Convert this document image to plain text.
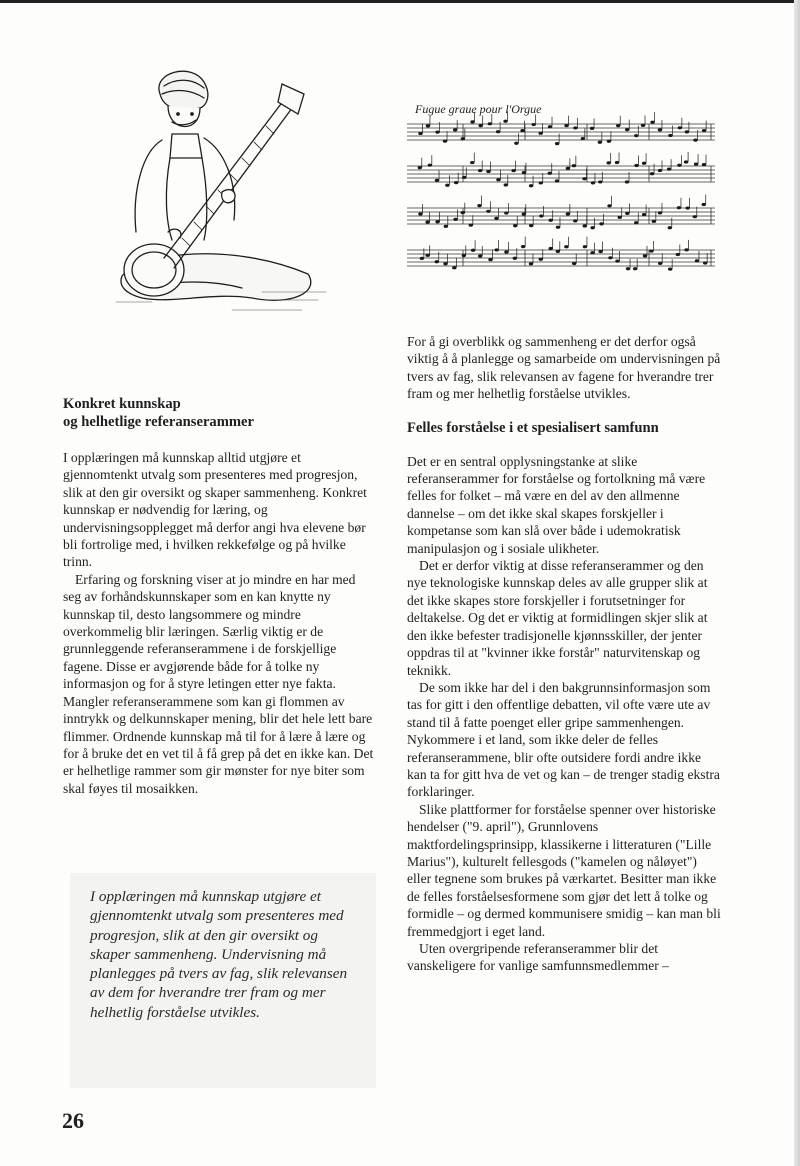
Fugue graue pour l'Orgue
Konkret kunnskap
og helhetlige referanserammer

I opplæringen må kunnskap alltid utgjøre et gjennomtenkt utvalg som presenteres med progresjon, slik at den gir oversikt og skaper sammenheng. Konkret kunnskap er nødvendig for læring, og undervisningsopplegget må derfor angi hva elevene bør bli fortrolige med, i hvilken rekkefølge og på hvilke trinn.

Erfaring og forskning viser at jo mindre en har med seg av forhåndskunnskaper som en kan knytte ny kunnskap til, desto langsommere og mindre overkommelig blir læringen. Særlig viktig er de grunnleggende referanserammene i de forskjellige fagene. Disse er avgjørende både for å tolke ny informasjon og for å styre letingen etter nye fakta. Mangler referanserammene som kan gi flommen av inntrykk og delkunnskaper mening, blir det hele lett bare flimmer. Ordnende kunnskap må til for å lære å lære og for å bruke det en vet til å få grep på det en ikke kan. Det er helhetlige rammer som gir mønster for nye biter som skal føyes til mosaikken.

I opplæringen må kunnskap utgjøre et gjennomtenkt utvalg som presenteres med progresjon, slik at den gir oversikt og skaper sammenheng. Undervisning må planlegges på tvers av fag, slik relevansen av dem for hverandre trer fram og mer helhetlig forståelse utvikles.

For å gi overblikk og sammenheng er det derfor også viktig å å planlegge og samarbeide om undervisningen på tvers av fag, slik relevansen av fagene for hverandre trer fram og mer helhetlig forståelse utvikles.

Felles forståelse i et spesialisert samfunn

Det er en sentral opplysningstanke at slike referanserammer for forståelse og fortolkning må være felles for folket – må være en del av den allmenne dannelse – om det ikke skal skapes forskjeller i kompetanse som kan slå over både i udemokratisk manipulasjon og i sosiale ulikheter.

Det er derfor viktig at disse referanserammer og den nye teknologiske kunnskap deles av alle grupper slik at det ikke skapes store forskjeller i forutsetninger for deltakelse. Og det er viktig at formidlingen skjer slik at den ikke befester tradisjonelle kjønnsskiller, der jenter oppdras til at "kvinner ikke forstår" naturvitenskap og teknikk.

De som ikke har del i den bakgrunnsinformasjon som tas for gitt i den offentlige debatten, vil ofte være ute av stand til å fatte poenget eller gripe sammenhengen. Nykommere i et land, som ikke deler de felles referanserammene, blir ofte outsidere fordi andre ikke kan ta for gitt hva de vet og kan – de trenger stadig ekstra forklaringer.

Slike plattformer for forståelse spenner over historiske hendelser ("9. april"), Grunnlovens maktfordelingsprinsipp, klassikerne i litteraturen ("Lille Marius"), kulturelt fellesgods ("kamelen og nåløyet") eller tegnene som brukes på værkartet. Besitter man ikke de felles forståelsesformene som gjør det lett å tolke og formidle – og dermed kommunisere smidig – kan man bli fremmedgjort i eget land.

Uten overgripende referanserammer blir det vanskeligere for vanlige samfunnsmedlemmer –

26
